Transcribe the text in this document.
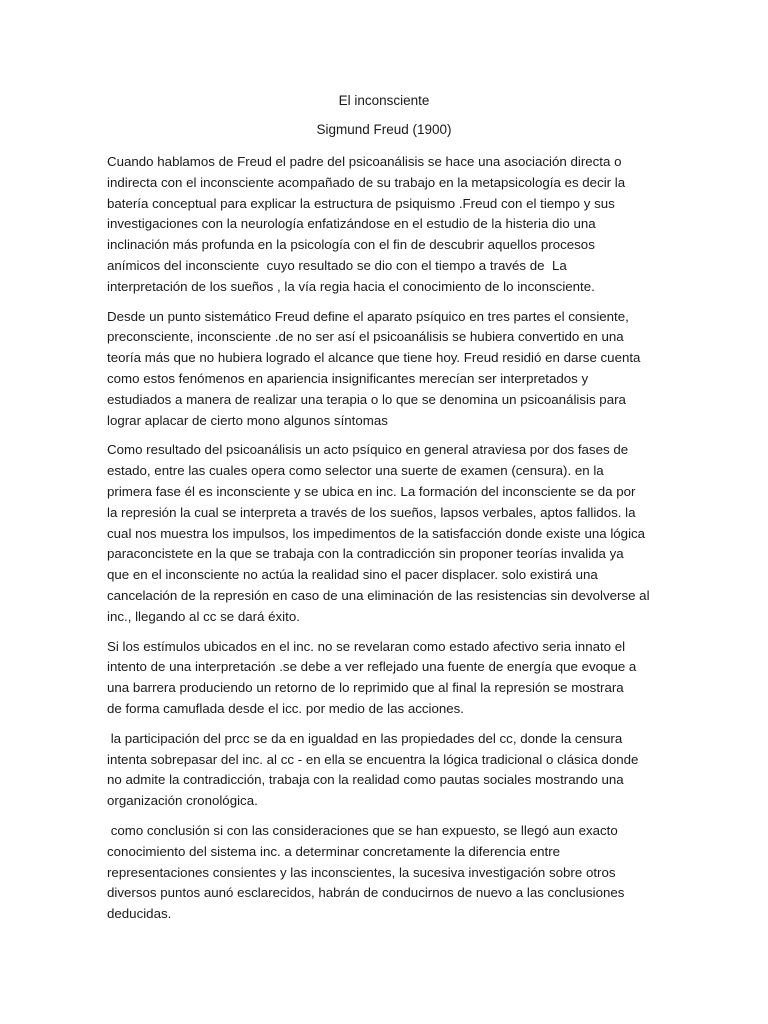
El inconsciente
Sigmund Freud (1900)

Cuando hablamos de Freud el padre del psicoanálisis se hace una asociación directa o
indirecta con el inconsciente acompañado de su trabajo en la metapsicología es decir la
batería conceptual para explicar la estructura de psiquismo .Freud con el tiempo y sus
investigaciones con la neurología enfatizándose en el estudio de la histeria dio una
inclinación más profunda en la psicología con el fin de descubrir aquellos procesos
anímicos del inconsciente  cuyo resultado se dio con el tiempo a través de  La
interpretación de los sueños , la vía regia hacia el conocimiento de lo inconsciente.

Desde un punto sistemático Freud define el aparato psíquico en tres partes el consiente,
preconsciente, inconsciente .de no ser así el psicoanálisis se hubiera convertido en una
teoría más que no hubiera logrado el alcance que tiene hoy. Freud residió en darse cuenta
como estos fenómenos en apariencia insignificantes merecían ser interpretados y
estudiados a manera de realizar una terapia o lo que se denomina un psicoanálisis para
lograr aplacar de cierto mono algunos síntomas

Como resultado del psicoanálisis un acto psíquico en general atraviesa por dos fases de
estado, entre las cuales opera como selector una suerte de examen (censura). en la
primera fase él es inconsciente y se ubica en inc. La formación del inconsciente se da por
la represión la cual se interpreta a través de los sueños, lapsos verbales, aptos fallidos. la
cual nos muestra los impulsos, los impedimentos de la satisfacción donde existe una lógica
paraconcistete en la que se trabaja con la contradicción sin proponer teorías invalida ya
que en el inconsciente no actúa la realidad sino el pacer displacer. solo existirá una
cancelación de la represión en caso de una eliminación de las resistencias sin devolverse al
inc., llegando al cc se dará éxito.

Si los estímulos ubicados en el inc. no se revelaran como estado afectivo seria innato el
intento de una interpretación .se debe a ver reflejado una fuente de energía que evoque a
una barrera produciendo un retorno de lo reprimido que al final la represión se mostrara
de forma camuflada desde el icc. por medio de las acciones.

la participación del prcc se da en igualdad en las propiedades del cc, donde la censura
intenta sobrepasar del inc. al cc - en ella se encuentra la lógica tradicional o clásica donde
no admite la contradicción, trabaja con la realidad como pautas sociales mostrando una
organización cronológica.

como conclusión si con las consideraciones que se han expuesto, se llegó aun exacto
conocimiento del sistema inc. a determinar concretamente la diferencia entre
representaciones consientes y las inconscientes, la sucesiva investigación sobre otros
diversos puntos aunó esclarecidos, habrán de conducirnos de nuevo a las conclusiones
deducidas.
